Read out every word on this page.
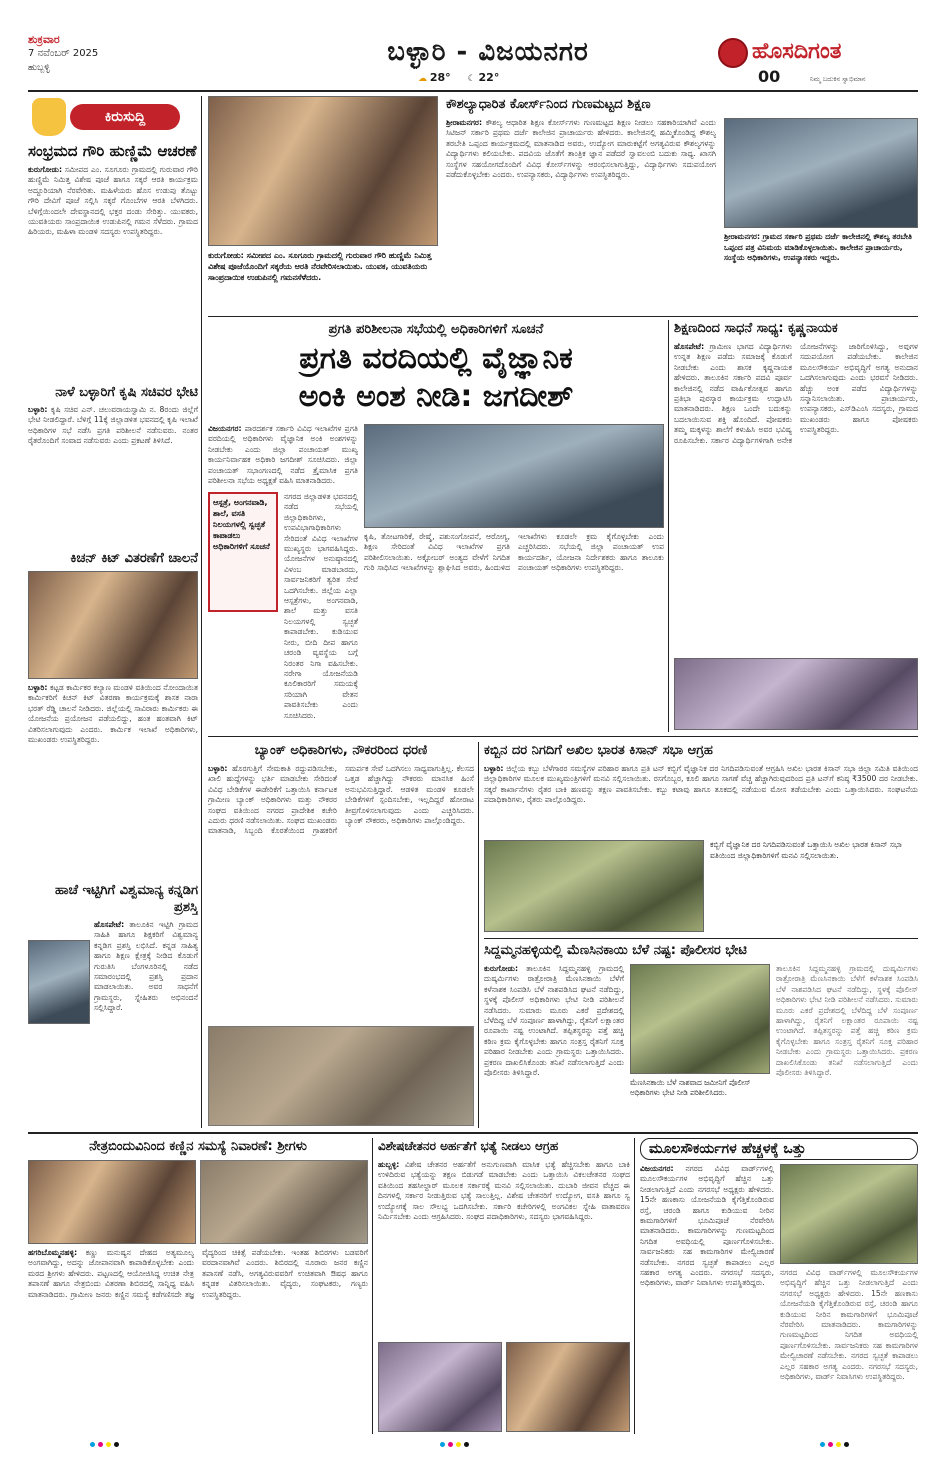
ಶುಕ್ರವಾರ
7 ನವೆಂಬರ್ 2025
ಹುಬ್ಬಳ್ಳಿ
ಬಳ್ಳಾರಿ - ವಿಜಯನಗರ
☁ 28° ☾ 22°
ಹೊಸದಿಗಂತ
00	ನಿಮ್ಮ ಬದುಕಿನ ಸ್ವಾಭಿಮಾನ
ಕಿರುಸುದ್ದಿ
ಸಂಭ್ರಮದ ಗೌರಿ ಹುಣ್ಣಿಮೆ ಆಚರಣೆ
ಕುರುಗೋಡು: ಸಮೀಪದ ಎಂ. ಸೂಗೂರು ಗ್ರಾಮದಲ್ಲಿ ಗುರುವಾರ ಗೌರಿ ಹುಣ್ಣಿಮೆ ನಿಮಿತ್ತ ವಿಶೇಷ ಪೂಜೆ ಹಾಗೂ ಸಕ್ಕರೆ ಆರತಿ ಕಾರ್ಯಕ್ರಮ ಅದ್ದೂರಿಯಾಗಿ ನೆರವೇರಿತು. ಮಹಿಳೆಯರು ಹೊಸ ಉಡುಪು ತೊಟ್ಟು ಗೌರಿ ದೇವಿಗೆ ಪೂಜೆ ಸಲ್ಲಿಸಿ ಸಕ್ಕರೆ ಗೊಂಬೆಗಳ ಆರತಿ ಬೆಳಗಿದರು. ಬೆಳಿಗ್ಗೆಯಿಂದಲೇ ದೇವಸ್ಥಾನದಲ್ಲಿ ಭಕ್ತರ ದಂಡು ಸೇರಿತ್ತು. ಯುವಕರು, ಯುವತಿಯರು ಸಾಂಪ್ರದಾಯಿಕ ಉಡುಪಿನಲ್ಲಿ ಗಮನ ಸೆಳೆದರು. ಗ್ರಾಮದ ಹಿರಿಯರು, ಮಹಿಳಾ ಮಂಡಳಿ ಸದಸ್ಯರು ಉಪಸ್ಥಿತರಿದ್ದರು.
ನಾಳೆ ಬಳ್ಳಾರಿಗೆ ಕೃಷಿ ಸಚಿವರ ಭೇಟಿ
ಬಳ್ಳಾರಿ: ಕೃಷಿ ಸಚಿವ ಎನ್. ಚಲುವರಾಯಸ್ವಾಮಿ ನ. 8ರಂದು ಜಿಲ್ಲೆಗೆ ಭೇಟಿ ನೀಡಲಿದ್ದಾರೆ. ಬೆಳಿಗ್ಗೆ 11ಕ್ಕೆ ಜಿಲ್ಲಾಡಳಿತ ಭವನದಲ್ಲಿ ಕೃಷಿ ಇಲಾಖೆ ಅಧಿಕಾರಿಗಳ ಸಭೆ ನಡೆಸಿ ಪ್ರಗತಿ ಪರಿಶೀಲನೆ ನಡೆಸುವರು. ನಂತರ ರೈತರೊಂದಿಗೆ ಸಂವಾದ ನಡೆಸುವರು ಎಂದು ಪ್ರಕಟಣೆ ತಿಳಿಸಿದೆ.
ಕಿಚನ್ ಕಿಟ್ ವಿತರಣೆಗೆ ಚಾಲನೆ
ಬಳ್ಳಾರಿ: ಕಟ್ಟಡ ಕಾರ್ಮಿಕರ ಕಲ್ಯಾಣ ಮಂಡಳಿ ವತಿಯಿಂದ ನೋಂದಾಯಿತ ಕಾರ್ಮಿಕರಿಗೆ ಕಿಚನ್ ಕಿಟ್ ವಿತರಣಾ ಕಾರ್ಯಕ್ರಮಕ್ಕೆ ಶಾಸಕ ನಾರಾ ಭರತ್ ರೆಡ್ಡಿ ಚಾಲನೆ ನೀಡಿದರು. ಜಿಲ್ಲೆಯಲ್ಲಿ ಸಾವಿರಾರು ಕಾರ್ಮಿಕರು ಈ ಯೋಜನೆಯ ಪ್ರಯೋಜನ ಪಡೆಯಲಿದ್ದು, ಹಂತ ಹಂತವಾಗಿ ಕಿಟ್ ವಿತರಿಸಲಾಗುವುದು ಎಂದರು. ಕಾರ್ಮಿಕ ಇಲಾಖೆ ಅಧಿಕಾರಿಗಳು, ಮುಖಂಡರು ಉಪಸ್ಥಿತರಿದ್ದರು.
ಹಾಚೆ ಇಟ್ಟಿಗಿಗೆ ವಿಶ್ವಮಾನ್ಯ ಕನ್ನಡಿಗ ಪ್ರಶಸ್ತಿ
ಹೊಸಪೇಟೆ: ತಾಲೂಕಿನ ಇಟ್ಟಿಗಿ ಗ್ರಾಮದ ಸಾಹಿತಿ ಹಾಗೂ ಶಿಕ್ಷಕರಿಗೆ ವಿಶ್ವಮಾನ್ಯ ಕನ್ನಡಿಗ ಪ್ರಶಸ್ತಿ ಲಭಿಸಿದೆ. ಕನ್ನಡ ಸಾಹಿತ್ಯ ಹಾಗೂ ಶಿಕ್ಷಣ ಕ್ಷೇತ್ರಕ್ಕೆ ನೀಡಿದ ಕೊಡುಗೆ ಗುರುತಿಸಿ ಬೆಂಗಳೂರಿನಲ್ಲಿ ನಡೆದ ಸಮಾರಂಭದಲ್ಲಿ ಪ್ರಶಸ್ತಿ ಪ್ರದಾನ ಮಾಡಲಾಯಿತು. ಅವರ ಸಾಧನೆಗೆ ಗ್ರಾಮಸ್ಥರು, ಸ್ನೇಹಿತರು ಅಭಿನಂದನೆ ಸಲ್ಲಿಸಿದ್ದಾರೆ.
ಕುರುಗೋಡು: ಸಮೀಪದ ಎಂ. ಸೂಗೂರು ಗ್ರಾಮದಲ್ಲಿ ಗುರುವಾರ ಗೌರಿ ಹುಣ್ಣಿಮೆ ನಿಮಿತ್ತ ವಿಶೇಷ ಪೂಜೆಯೊಂದಿಗೆ ಸಕ್ಕರೆಯ ಆರತಿ ನೆರವೇರಿಸಲಾಯಿತು. ಯುವಕ, ಯುವತಿಯರು ಸಾಂಪ್ರದಾಯಿಕ ಉಡುಪಿನಲ್ಲಿ ಗಮನಸೆಳೆದರು.
ಕೌಶಲ್ಯಾಧಾರಿತ ಕೋರ್ಸ್‌ನಿಂದ ಗುಣಮಟ್ಟದ ಶಿಕ್ಷಣ
ಶ್ರೀರಾಮನಗರ: ಕೌಶಲ್ಯ ಆಧಾರಿತ ಶಿಕ್ಷಣ ಕೋರ್ಸ್‌ಗಳು ಗುಣಮಟ್ಟದ ಶಿಕ್ಷಣ ನೀಡಲು ಸಹಕಾರಿಯಾಗಿವೆ ಎಂದು ಸಿಟಿಜನ್ ಸರ್ಕಾರಿ ಪ್ರಥಮ ದರ್ಜೆ ಕಾಲೇಜಿನ ಪ್ರಾಚಾರ್ಯರು ಹೇಳಿದರು. ಕಾಲೇಜಿನಲ್ಲಿ ಹಮ್ಮಿಕೊಂಡಿದ್ದ ಕೌಶಲ್ಯ ತರಬೇತಿ ಒಪ್ಪಂದ ಕಾರ್ಯಕ್ರಮದಲ್ಲಿ ಮಾತನಾಡಿದ ಅವರು, ಉದ್ಯೋಗ ಮಾರುಕಟ್ಟೆಗೆ ಅಗತ್ಯವಿರುವ ಕೌಶಲ್ಯಗಳನ್ನು ವಿದ್ಯಾರ್ಥಿಗಳು ಕಲಿಯಬೇಕು. ಪದವಿಯ ಜೊತೆಗೆ ತಾಂತ್ರಿಕ ಜ್ಞಾನ ಪಡೆದರೆ ಸ್ವಾವಲಂಬಿ ಬದುಕು ಸಾಧ್ಯ. ಖಾಸಗಿ ಸಂಸ್ಥೆಗಳ ಸಹಯೋಗದೊಂದಿಗೆ ವಿವಿಧ ಕೋರ್ಸ್‌ಗಳನ್ನು ಆರಂಭಿಸಲಾಗುತ್ತಿದ್ದು, ವಿದ್ಯಾರ್ಥಿಗಳು ಸದುಪಯೋಗ ಪಡೆದುಕೊಳ್ಳಬೇಕು ಎಂದರು. ಉಪನ್ಯಾಸಕರು, ವಿದ್ಯಾರ್ಥಿಗಳು ಉಪಸ್ಥಿತರಿದ್ದರು.
ಶ್ರೀರಾಮನಗರ: ಗ್ರಾಮದ ಸರ್ಕಾರಿ ಪ್ರಥಮ ದರ್ಜೆ ಕಾಲೇಜಿನಲ್ಲಿ ಕೌಶಲ್ಯ ತರಬೇತಿ ಒಪ್ಪಂದ ಪತ್ರ ವಿನಿಮಯ ಮಾಡಿಕೊಳ್ಳಲಾಯಿತು. ಕಾಲೇಜಿನ ಪ್ರಾಚಾರ್ಯರು, ಸಂಸ್ಥೆಯ ಅಧಿಕಾರಿಗಳು, ಉಪನ್ಯಾಸಕರು ಇದ್ದರು.
ಪ್ರಗತಿ ಪರಿಶೀಲನಾ ಸಭೆಯಲ್ಲಿ ಅಧಿಕಾರಿಗಳಿಗೆ ಸೂಚನೆ
ಪ್ರಗತಿ ವರದಿಯಲ್ಲಿ ವೈಜ್ಞಾನಿಕ
ಅಂಕಿ ಅಂಶ ನೀಡಿ: ಜಗದೀಶ್
ವಿಜಯನಗರ: ಪಾರದರ್ಶಕ ಸರ್ಕಾರಿ ವಿವಿಧ ಇಲಾಖೆಗಳ ಪ್ರಗತಿ ವರದಿಯಲ್ಲಿ ಅಧಿಕಾರಿಗಳು ವೈಜ್ಞಾನಿಕ ಅಂಕಿ ಅಂಶಗಳನ್ನು ನೀಡಬೇಕು ಎಂದು ಜಿಲ್ಲಾ ಪಂಚಾಯತ್ ಮುಖ್ಯ ಕಾರ್ಯನಿರ್ವಾಹಕ ಅಧಿಕಾರಿ ಜಗದೀಶ್ ಸೂಚಿಸಿದರು. ಜಿಲ್ಲಾ ಪಂಚಾಯತ್ ಸಭಾಂಗಣದಲ್ಲಿ ನಡೆದ ತ್ರೈಮಾಸಿಕ ಪ್ರಗತಿ ಪರಿಶೀಲನಾ ಸಭೆಯ ಅಧ್ಯಕ್ಷತೆ ವಹಿಸಿ ಮಾತನಾಡಿದರು.
ಆಸ್ಪತ್ರೆ, ಅಂಗನವಾಡಿ, ಶಾಲೆ, ವಸತಿ ನಿಲಯಗಳಲ್ಲಿ ಸ್ವಚ್ಛತೆ ಕಾಪಾಡಲು ಅಧಿಕಾರಿಗಳಿಗೆ ಸೂಚನೆ
ನಗರದ ಜಿಲ್ಲಾಡಳಿತ ಭವನದಲ್ಲಿ ನಡೆದ ಸಭೆಯಲ್ಲಿ ಜಿಲ್ಲಾಧಿಕಾರಿಗಳು, ಉಪವಿಭಾಗಾಧಿಕಾರಿಗಳು ಸೇರಿದಂತೆ ವಿವಿಧ ಇಲಾಖೆಗಳ ಮುಖ್ಯಸ್ಥರು ಭಾಗವಹಿಸಿದ್ದರು. ಯೋಜನೆಗಳ ಅನುಷ್ಠಾನದಲ್ಲಿ ವಿಳಂಬ ಮಾಡಬಾರದು, ಸಾರ್ವಜನಿಕರಿಗೆ ತ್ವರಿತ ಸೇವೆ ಒದಗಿಸಬೇಕು. ಜಿಲ್ಲೆಯ ಎಲ್ಲಾ ಆಸ್ಪತ್ರೆಗಳು, ಅಂಗನವಾಡಿ, ಶಾಲೆ ಮತ್ತು ವಸತಿ ನಿಲಯಗಳಲ್ಲಿ ಸ್ವಚ್ಛತೆ ಕಾಪಾಡಬೇಕು. ಕುಡಿಯುವ ನೀರು, ಬೀದಿ ದೀಪ ಹಾಗೂ ಚರಂಡಿ ವ್ಯವಸ್ಥೆಯ ಬಗ್ಗೆ ನಿರಂತರ ನಿಗಾ ವಹಿಸಬೇಕು. ನರೇಗಾ ಯೋಜನೆಯಡಿ ಕೂಲಿಕಾರರಿಗೆ ಸಮಯಕ್ಕೆ ಸರಿಯಾಗಿ ವೇತನ ಪಾವತಿಸಬೇಕು ಎಂದು ಸೂಚಿಸಿದರು.
ಕೃಷಿ, ತೋಟಗಾರಿಕೆ, ರೇಷ್ಮೆ, ಪಶುಸಂಗೋಪನೆ, ಆರೋಗ್ಯ, ಶಿಕ್ಷಣ ಸೇರಿದಂತೆ ವಿವಿಧ ಇಲಾಖೆಗಳ ಪ್ರಗತಿ ಪರಿಶೀಲಿಸಲಾಯಿತು. ಅಕ್ಟೋಬರ್ ಅಂತ್ಯದ ವೇಳೆಗೆ ನಿಗದಿತ ಗುರಿ ಸಾಧಿಸಿದ ಇಲಾಖೆಗಳನ್ನು ಶ್ಲಾಘಿಸಿದ ಅವರು, ಹಿಂದುಳಿದ ಇಲಾಖೆಗಳು ಕೂಡಲೇ ಕ್ರಮ ಕೈಗೊಳ್ಳಬೇಕು ಎಂದು ಎಚ್ಚರಿಸಿದರು. ಸಭೆಯಲ್ಲಿ ಜಿಲ್ಲಾ ಪಂಚಾಯತ್ ಉಪ ಕಾರ್ಯದರ್ಶಿ, ಯೋಜನಾ ನಿರ್ದೇಶಕರು ಹಾಗೂ ತಾಲೂಕು ಪಂಚಾಯತ್ ಅಧಿಕಾರಿಗಳು ಉಪಸ್ಥಿತರಿದ್ದರು.
ಶಿಕ್ಷಣದಿಂದ ಸಾಧನೆ ಸಾಧ್ಯ: ಕೃಷ್ಣನಾಯಕ
ಹೊಸಪೇಟೆ: ಗ್ರಾಮೀಣ ಭಾಗದ ವಿದ್ಯಾರ್ಥಿಗಳು ಉನ್ನತ ಶಿಕ್ಷಣ ಪಡೆದು ಸಮಾಜಕ್ಕೆ ಕೊಡುಗೆ ನೀಡಬೇಕು ಎಂದು ಶಾಸಕ ಕೃಷ್ಣನಾಯಕ ಹೇಳಿದರು. ತಾಲೂಕಿನ ಸರ್ಕಾರಿ ಪದವಿ ಪೂರ್ವ ಕಾಲೇಜಿನಲ್ಲಿ ನಡೆದ ವಾರ್ಷಿಕೋತ್ಸವ ಹಾಗೂ ಪ್ರತಿಭಾ ಪುರಸ್ಕಾರ ಕಾರ್ಯಕ್ರಮ ಉದ್ಘಾಟಿಸಿ ಮಾತನಾಡಿದರು. ಶಿಕ್ಷಣ ಒಂದೇ ಬದುಕನ್ನು ಬದಲಾಯಿಸುವ ಶಕ್ತಿ ಹೊಂದಿದೆ. ಪೋಷಕರು ತಮ್ಮ ಮಕ್ಕಳನ್ನು ಶಾಲೆಗೆ ಕಳುಹಿಸಿ ಅವರ ಭವಿಷ್ಯ ರೂಪಿಸಬೇಕು. ಸರ್ಕಾರ ವಿದ್ಯಾರ್ಥಿಗಳಿಗಾಗಿ ಅನೇಕ ಯೋಜನೆಗಳನ್ನು ಜಾರಿಗೊಳಿಸಿದ್ದು, ಅವುಗಳ ಸದುಪಯೋಗ ಪಡೆಯಬೇಕು. ಕಾಲೇಜಿನ ಮೂಲಸೌಕರ್ಯ ಅಭಿವೃದ್ಧಿಗೆ ಅಗತ್ಯ ಅನುದಾನ ಒದಗಿಸಲಾಗುವುದು ಎಂದು ಭರವಸೆ ನೀಡಿದರು. ಹೆಚ್ಚು ಅಂಕ ಪಡೆದ ವಿದ್ಯಾರ್ಥಿಗಳನ್ನು ಸನ್ಮಾನಿಸಲಾಯಿತು. ಪ್ರಾಚಾರ್ಯರು, ಉಪನ್ಯಾಸಕರು, ಎಸ್‌ಡಿಎಂಸಿ ಸದಸ್ಯರು, ಗ್ರಾಮದ ಮುಖಂಡರು ಹಾಗೂ ಪೋಷಕರು ಉಪಸ್ಥಿತರಿದ್ದರು.
ಬ್ಯಾಂಕ್ ಅಧಿಕಾರಿಗಳು, ನೌಕರರಿಂದ ಧರಣಿ
ಬಳ್ಳಾರಿ: ಹೊರಗುತ್ತಿಗೆ ನೇಮಕಾತಿ ರದ್ದುಪಡಿಸಬೇಕು, ಖಾಲಿ ಹುದ್ದೆಗಳನ್ನು ಭರ್ತಿ ಮಾಡಬೇಕು ಸೇರಿದಂತೆ ವಿವಿಧ ಬೇಡಿಕೆಗಳ ಈಡೇರಿಕೆಗೆ ಒತ್ತಾಯಿಸಿ ಕರ್ನಾಟಕ ಗ್ರಾಮೀಣ ಬ್ಯಾಂಕ್ ಅಧಿಕಾರಿಗಳು ಮತ್ತು ನೌಕರರ ಸಂಘದ ವತಿಯಿಂದ ನಗರದ ಪ್ರಾದೇಶಿಕ ಕಚೇರಿ ಎದುರು ಧರಣಿ ನಡೆಸಲಾಯಿತು. ಸಂಘದ ಮುಖಂಡರು ಮಾತನಾಡಿ, ಸಿಬ್ಬಂದಿ ಕೊರತೆಯಿಂದ ಗ್ರಾಹಕರಿಗೆ ಸಮರ್ಪಕ ಸೇವೆ ಒದಗಿಸಲು ಸಾಧ್ಯವಾಗುತ್ತಿಲ್ಲ. ಕೆಲಸದ ಒತ್ತಡ ಹೆಚ್ಚಾಗಿದ್ದು ನೌಕರರು ಮಾನಸಿಕ ಹಿಂಸೆ ಅನುಭವಿಸುತ್ತಿದ್ದಾರೆ. ಆಡಳಿತ ಮಂಡಳಿ ಕೂಡಲೇ ಬೇಡಿಕೆಗಳಿಗೆ ಸ್ಪಂದಿಸಬೇಕು, ಇಲ್ಲದಿದ್ದರೆ ಹೋರಾಟ ತೀವ್ರಗೊಳಿಸಲಾಗುವುದು ಎಂದು ಎಚ್ಚರಿಸಿದರು. ಬ್ಯಾಂಕ್ ನೌಕರರು, ಅಧಿಕಾರಿಗಳು ಪಾಲ್ಗೊಂಡಿದ್ದರು.
ಕಬ್ಬಿನ ದರ ನಿಗದಿಗೆ ಅಖಿಲ ಭಾರತ ಕಿಸಾನ್ ಸಭಾ ಆಗ್ರಹ
ಬಳ್ಳಾರಿ: ಜಿಲ್ಲೆಯ ಕಬ್ಬು ಬೆಳೆಗಾರರ ಸಮಸ್ಯೆಗಳ ಪರಿಹಾರ ಹಾಗೂ ಪ್ರತಿ ಟನ್ ಕಬ್ಬಿಗೆ ವೈಜ್ಞಾನಿಕ ದರ ನಿಗದಿಪಡಿಸುವಂತೆ ಆಗ್ರಹಿಸಿ ಅಖಿಲ ಭಾರತ ಕಿಸಾನ್ ಸಭಾ ಜಿಲ್ಲಾ ಸಮಿತಿ ವತಿಯಿಂದ ಜಿಲ್ಲಾಧಿಕಾರಿಗಳ ಮೂಲಕ ಮುಖ್ಯಮಂತ್ರಿಗಳಿಗೆ ಮನವಿ ಸಲ್ಲಿಸಲಾಯಿತು. ರಸಗೊಬ್ಬರ, ಕೂಲಿ ಹಾಗೂ ಸಾಗಣೆ ವೆಚ್ಚ ಹೆಚ್ಚಾಗಿರುವುದರಿಂದ ಪ್ರತಿ ಟನ್‌ಗೆ ಕನಿಷ್ಠ ₹3500 ದರ ನೀಡಬೇಕು. ಸಕ್ಕರೆ ಕಾರ್ಖಾನೆಗಳು ರೈತರ ಬಾಕಿ ಹಣವನ್ನು ತಕ್ಷಣ ಪಾವತಿಸಬೇಕು. ಕಬ್ಬು ಕಟಾವು ಹಾಗೂ ತೂಕದಲ್ಲಿ ನಡೆಯುವ ಮೋಸ ತಡೆಯಬೇಕು ಎಂದು ಒತ್ತಾಯಿಸಿದರು. ಸಂಘಟನೆಯ ಪದಾಧಿಕಾರಿಗಳು, ರೈತರು ಪಾಲ್ಗೊಂಡಿದ್ದರು.
ಕಬ್ಬಿಗೆ ವೈಜ್ಞಾನಿಕ ದರ ನಿಗದಿಪಡಿಸುವಂತೆ ಒತ್ತಾಯಿಸಿ ಅಖಿಲ ಭಾರತ ಕಿಸಾನ್ ಸಭಾ ವತಿಯಿಂದ ಜಿಲ್ಲಾಧಿಕಾರಿಗಳಿಗೆ ಮನವಿ ಸಲ್ಲಿಸಲಾಯಿತು.
ಸಿದ್ದಮ್ಮನಹಳ್ಳಿಯಲ್ಲಿ ಮೆಣಸಿನಕಾಯಿ ಬೆಳೆ ನಷ್ಟ: ಪೊಲೀಸರ ಭೇಟಿ
ಕುರುಗೋಡು: ತಾಲೂಕಿನ ಸಿದ್ದಮ್ಮನಹಳ್ಳಿ ಗ್ರಾಮದಲ್ಲಿ ದುಷ್ಕರ್ಮಿಗಳು ರಾತ್ರೋರಾತ್ರಿ ಮೆಣಸಿನಕಾಯಿ ಬೆಳೆಗೆ ಕಳೆನಾಶಕ ಸಿಂಪಡಿಸಿ ಬೆಳೆ ನಾಶಪಡಿಸಿದ ಘಟನೆ ನಡೆದಿದ್ದು, ಸ್ಥಳಕ್ಕೆ ಪೊಲೀಸ್ ಅಧಿಕಾರಿಗಳು ಭೇಟಿ ನೀಡಿ ಪರಿಶೀಲನೆ ನಡೆಸಿದರು. ಸುಮಾರು ಮೂರು ಎಕರೆ ಪ್ರದೇಶದಲ್ಲಿ ಬೆಳೆದಿದ್ದ ಬೆಳೆ ಸಂಪೂರ್ಣ ಹಾಳಾಗಿದ್ದು, ರೈತನಿಗೆ ಲಕ್ಷಾಂತರ ರೂಪಾಯಿ ನಷ್ಟ ಉಂಟಾಗಿದೆ. ತಪ್ಪಿತಸ್ಥರನ್ನು ಪತ್ತೆ ಹಚ್ಚಿ ಕಠಿಣ ಕ್ರಮ ಕೈಗೊಳ್ಳಬೇಕು ಹಾಗೂ ಸಂತ್ರಸ್ತ ರೈತನಿಗೆ ಸೂಕ್ತ ಪರಿಹಾರ ನೀಡಬೇಕು ಎಂದು ಗ್ರಾಮಸ್ಥರು ಒತ್ತಾಯಿಸಿದರು. ಪ್ರಕರಣ ದಾಖಲಿಸಿಕೊಂಡು ತನಿಖೆ ನಡೆಸಲಾಗುತ್ತಿದೆ ಎಂದು ಪೊಲೀಸರು ತಿಳಿಸಿದ್ದಾರೆ.
ಮೆಣಸಿನಕಾಯಿ ಬೆಳೆ ನಾಶವಾದ ಜಮೀನಿಗೆ ಪೊಲೀಸ್ ಅಧಿಕಾರಿಗಳು ಭೇಟಿ ನೀಡಿ ಪರಿಶೀಲಿಸಿದರು.
ತಾಲೂಕಿನ ಸಿದ್ದಮ್ಮನಹಳ್ಳಿ ಗ್ರಾಮದಲ್ಲಿ ದುಷ್ಕರ್ಮಿಗಳು ರಾತ್ರೋರಾತ್ರಿ ಮೆಣಸಿನಕಾಯಿ ಬೆಳೆಗೆ ಕಳೆನಾಶಕ ಸಿಂಪಡಿಸಿ ಬೆಳೆ ನಾಶಪಡಿಸಿದ ಘಟನೆ ನಡೆದಿದ್ದು, ಸ್ಥಳಕ್ಕೆ ಪೊಲೀಸ್ ಅಧಿಕಾರಿಗಳು ಭೇಟಿ ನೀಡಿ ಪರಿಶೀಲನೆ ನಡೆಸಿದರು. ಸುಮಾರು ಮೂರು ಎಕರೆ ಪ್ರದೇಶದಲ್ಲಿ ಬೆಳೆದಿದ್ದ ಬೆಳೆ ಸಂಪೂರ್ಣ ಹಾಳಾಗಿದ್ದು, ರೈತನಿಗೆ ಲಕ್ಷಾಂತರ ರೂಪಾಯಿ ನಷ್ಟ ಉಂಟಾಗಿದೆ. ತಪ್ಪಿತಸ್ಥರನ್ನು ಪತ್ತೆ ಹಚ್ಚಿ ಕಠಿಣ ಕ್ರಮ ಕೈಗೊಳ್ಳಬೇಕು ಹಾಗೂ ಸಂತ್ರಸ್ತ ರೈತನಿಗೆ ಸೂಕ್ತ ಪರಿಹಾರ ನೀಡಬೇಕು ಎಂದು ಗ್ರಾಮಸ್ಥರು ಒತ್ತಾಯಿಸಿದರು. ಪ್ರಕರಣ ದಾಖಲಿಸಿಕೊಂಡು ತನಿಖೆ ನಡೆಸಲಾಗುತ್ತಿದೆ ಎಂದು ಪೊಲೀಸರು ತಿಳಿಸಿದ್ದಾರೆ.
ನೇತ್ರಬಿಂದುವಿನಿಂದ ಕಣ್ಣಿನ ಸಮಸ್ಯೆ ನಿವಾರಣೆ: ಶ್ರೀಗಳು
ಹಗರಿಬೊಮ್ಮನಹಳ್ಳಿ: ಕಣ್ಣು ಮನುಷ್ಯನ ದೇಹದ ಅತ್ಯಮೂಲ್ಯ ಅಂಗವಾಗಿದ್ದು, ಅದನ್ನು ಜೋಪಾನವಾಗಿ ಕಾಪಾಡಿಕೊಳ್ಳಬೇಕು ಎಂದು ಮಠದ ಶ್ರೀಗಳು ಹೇಳಿದರು. ಪಟ್ಟಣದಲ್ಲಿ ಆಯೋಜಿಸಿದ್ದ ಉಚಿತ ನೇತ್ರ ತಪಾಸಣೆ ಹಾಗೂ ನೇತ್ರಬಿಂದು ವಿತರಣಾ ಶಿಬಿರದಲ್ಲಿ ಸಾನ್ನಿಧ್ಯ ವಹಿಸಿ ಮಾತನಾಡಿದರು. ಗ್ರಾಮೀಣ ಜನರು ಕಣ್ಣಿನ ಸಮಸ್ಯೆ ಕಡೆಗಣಿಸದೇ ತಜ್ಞ ವೈದ್ಯರಿಂದ ಚಿಕಿತ್ಸೆ ಪಡೆಯಬೇಕು. ಇಂತಹ ಶಿಬಿರಗಳು ಬಡವರಿಗೆ ವರದಾನವಾಗಿವೆ ಎಂದರು. ಶಿಬಿರದಲ್ಲಿ ನೂರಾರು ಜನರ ಕಣ್ಣಿನ ತಪಾಸಣೆ ನಡೆಸಿ, ಅಗತ್ಯವಿರುವವರಿಗೆ ಉಚಿತವಾಗಿ ಔಷಧ ಹಾಗೂ ಕನ್ನಡಕ ವಿತರಿಸಲಾಯಿತು. ವೈದ್ಯರು, ಸಂಘಟಕರು, ಗಣ್ಯರು ಉಪಸ್ಥಿತರಿದ್ದರು.
ವಿಶೇಷಚೇತನರ ಅರ್ಹತೆಗೆ ಭತ್ಯೆ ನೀಡಲು ಆಗ್ರಹ
ಹುಬ್ಬಳ್ಳಿ: ವಿಶೇಷ ಚೇತನರ ಅರ್ಹತೆಗೆ ಅನುಗುಣವಾಗಿ ಮಾಸಿಕ ಭತ್ಯೆ ಹೆಚ್ಚಿಸಬೇಕು ಹಾಗೂ ಬಾಕಿ ಉಳಿದಿರುವ ಭತ್ಯೆಯನ್ನು ತಕ್ಷಣ ಬಿಡುಗಡೆ ಮಾಡಬೇಕು ಎಂದು ಒತ್ತಾಯಿಸಿ ವಿಕಲಚೇತನರ ಸಂಘದ ವತಿಯಿಂದ ತಹಸೀಲ್ದಾರ್ ಮೂಲಕ ಸರ್ಕಾರಕ್ಕೆ ಮನವಿ ಸಲ್ಲಿಸಲಾಯಿತು. ದುಬಾರಿ ಜೀವನ ವೆಚ್ಚದ ಈ ದಿನಗಳಲ್ಲಿ ಸರ್ಕಾರ ನೀಡುತ್ತಿರುವ ಭತ್ಯೆ ಸಾಲುತ್ತಿಲ್ಲ. ವಿಶೇಷ ಚೇತನರಿಗೆ ಉದ್ಯೋಗ, ವಸತಿ ಹಾಗೂ ಸ್ವ ಉದ್ಯೋಗಕ್ಕೆ ಸಾಲ ಸೌಲಭ್ಯ ಒದಗಿಸಬೇಕು. ಸರ್ಕಾರಿ ಕಚೇರಿಗಳಲ್ಲಿ ಅಂಗವಿಕಲ ಸ್ನೇಹಿ ವಾತಾವರಣ ನಿರ್ಮಿಸಬೇಕು ಎಂದು ಆಗ್ರಹಿಸಿದರು. ಸಂಘದ ಪದಾಧಿಕಾರಿಗಳು, ಸದಸ್ಯರು ಭಾಗವಹಿಸಿದ್ದರು.
ಮೂಲಸೌಕರ್ಯಗಳ ಹೆಚ್ಚಳಕ್ಕೆ ಒತ್ತು
ವಿಜಯನಗರ: ನಗರದ ವಿವಿಧ ವಾರ್ಡ್‌ಗಳಲ್ಲಿ ಮೂಲಸೌಕರ್ಯಗಳ ಅಭಿವೃದ್ಧಿಗೆ ಹೆಚ್ಚಿನ ಒತ್ತು ನೀಡಲಾಗುತ್ತಿದೆ ಎಂದು ನಗರಸಭೆ ಅಧ್ಯಕ್ಷರು ಹೇಳಿದರು. 15ನೇ ಹಣಕಾಸು ಯೋಜನೆಯಡಿ ಕೈಗೆತ್ತಿಕೊಂಡಿರುವ ರಸ್ತೆ, ಚರಂಡಿ ಹಾಗೂ ಕುಡಿಯುವ ನೀರಿನ ಕಾಮಗಾರಿಗಳಿಗೆ ಭೂಮಿಪೂಜೆ ನೆರವೇರಿಸಿ ಮಾತನಾಡಿದರು. ಕಾಮಗಾರಿಗಳನ್ನು ಗುಣಮಟ್ಟದಿಂದ ನಿಗದಿತ ಅವಧಿಯಲ್ಲಿ ಪೂರ್ಣಗೊಳಿಸಬೇಕು. ಸಾರ್ವಜನಿಕರು ಸಹ ಕಾಮಗಾರಿಗಳ ಮೇಲ್ವಿಚಾರಣೆ ನಡೆಸಬೇಕು. ನಗರದ ಸ್ವಚ್ಛತೆ ಕಾಪಾಡಲು ಎಲ್ಲರ ಸಹಕಾರ ಅಗತ್ಯ ಎಂದರು. ನಗರಸಭೆ ಸದಸ್ಯರು, ಅಧಿಕಾರಿಗಳು, ವಾರ್ಡ್ ನಿವಾಸಿಗಳು ಉಪಸ್ಥಿತರಿದ್ದರು.
ನಗರದ ವಿವಿಧ ವಾರ್ಡ್‌ಗಳಲ್ಲಿ ಮೂಲಸೌಕರ್ಯಗಳ ಅಭಿವೃದ್ಧಿಗೆ ಹೆಚ್ಚಿನ ಒತ್ತು ನೀಡಲಾಗುತ್ತಿದೆ ಎಂದು ನಗರಸಭೆ ಅಧ್ಯಕ್ಷರು ಹೇಳಿದರು. 15ನೇ ಹಣಕಾಸು ಯೋಜನೆಯಡಿ ಕೈಗೆತ್ತಿಕೊಂಡಿರುವ ರಸ್ತೆ, ಚರಂಡಿ ಹಾಗೂ ಕುಡಿಯುವ ನೀರಿನ ಕಾಮಗಾರಿಗಳಿಗೆ ಭೂಮಿಪೂಜೆ ನೆರವೇರಿಸಿ ಮಾತನಾಡಿದರು. ಕಾಮಗಾರಿಗಳನ್ನು ಗುಣಮಟ್ಟದಿಂದ ನಿಗದಿತ ಅವಧಿಯಲ್ಲಿ ಪೂರ್ಣಗೊಳಿಸಬೇಕು. ಸಾರ್ವಜನಿಕರು ಸಹ ಕಾಮಗಾರಿಗಳ ಮೇಲ್ವಿಚಾರಣೆ ನಡೆಸಬೇಕು. ನಗರದ ಸ್ವಚ್ಛತೆ ಕಾಪಾಡಲು ಎಲ್ಲರ ಸಹಕಾರ ಅಗತ್ಯ ಎಂದರು. ನಗರಸಭೆ ಸದಸ್ಯರು, ಅಧಿಕಾರಿಗಳು, ವಾರ್ಡ್ ನಿವಾಸಿಗಳು ಉಪಸ್ಥಿತರಿದ್ದರು.
